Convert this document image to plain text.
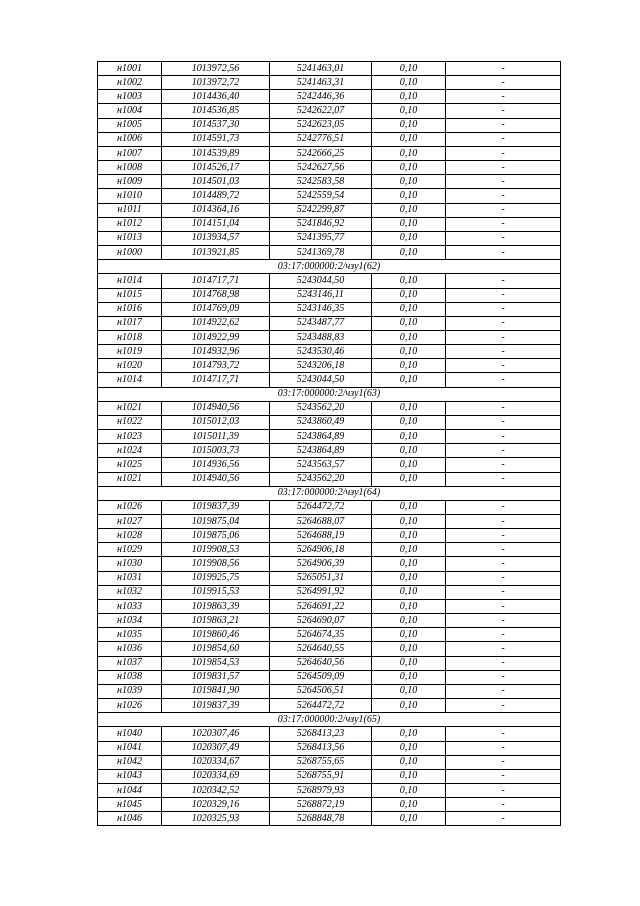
н1001	1013972,56	5241463,01	0,10	-
н1002	1013972,72	5241463,31	0,10	-
н1003	1014436,40	5242446,36	0,10	-
н1004	1014536,85	5242622,07	0,10	-
н1005	1014537,30	5242623,05	0,10	-
н1006	1014591,73	5242776,51	0,10	-
н1007	1014539,89	5242666,25	0,10	-
н1008	1014526,17	5242627,56	0,10	-
н1009	1014501,03	5242583,58	0,10	-
н1010	1014489,72	5242559,54	0,10	-
н1011	1014364,16	5242299,87	0,10	-
н1012	1014151,04	5241846,92	0,10	-
н1013	1013934,57	5241395,77	0,10	-
н1000	1013921,85	5241369,78	0,10	-
03:17:000000:2/чзу1(62)				
н1014	1014717,71	5243044,50	0,10	-
н1015	1014768,98	5243146,11	0,10	-
н1016	1014769,09	5243146,35	0,10	-
н1017	1014922,62	5243487,77	0,10	-
н1018	1014922,99	5243488,83	0,10	-
н1019	1014932,96	5243530,46	0,10	-
н1020	1014793,72	5243206,18	0,10	-
н1014	1014717,71	5243044,50	0,10	-
03:17:000000:2/чзу1(63)				
н1021	1014940,56	5243562,20	0,10	-
н1022	1015012,03	5243860,49	0,10	-
н1023	1015011,39	5243864,89	0,10	-
н1024	1015003,73	5243864,89	0,10	-
н1025	1014936,56	5243563,57	0,10	-
н1021	1014940,56	5243562,20	0,10	-
03:17:000000:2/чзу1(64)				
н1026	1019837,39	5264472,72	0,10	-
н1027	1019875,04	5264688,07	0,10	-
н1028	1019875,06	5264688,19	0,10	-
н1029	1019908,53	5264906,18	0,10	-
н1030	1019908,56	5264906,39	0,10	-
н1031	1019925,75	5265051,31	0,10	-
н1032	1019915,53	5264991,92	0,10	-
н1033	1019863,39	5264691,22	0,10	-
н1034	1019863,21	5264690,07	0,10	-
н1035	1019860,46	5264674,35	0,10	-
н1036	1019854,60	5264640,55	0,10	-
н1037	1019854,53	5264640,56	0,10	-
н1038	1019831,57	5264509,09	0,10	-
н1039	1019841,90	5264506,51	0,10	-
н1026	1019837,39	5264472,72	0,10	-
03:17:000000:2/чзу1(65)				
н1040	1020307,46	5268413,23	0,10	-
н1041	1020307,49	5268413,56	0,10	-
н1042	1020334,67	5268755,65	0,10	-
н1043	1020334,69	5268755,91	0,10	-
н1044	1020342,52	5268979,93	0,10	-
н1045	1020329,16	5268872,19	0,10	-
н1046	1020325,93	5268848,78	0,10	-
